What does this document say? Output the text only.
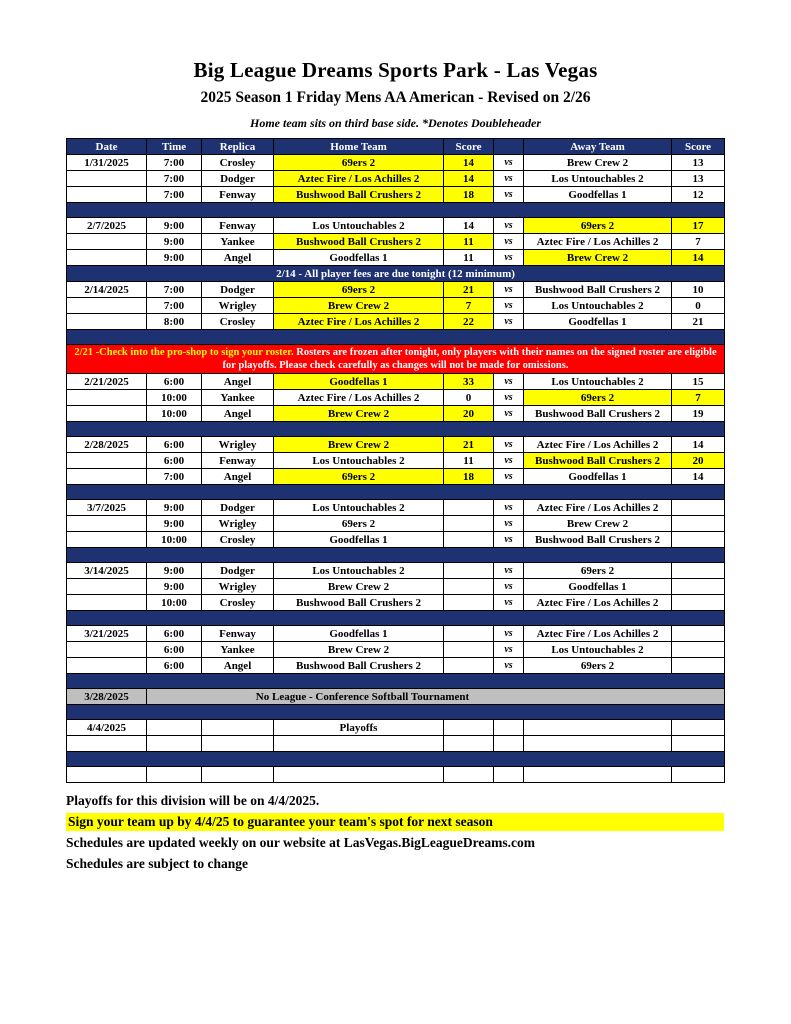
Big League Dreams Sports Park - Las Vegas
2025 Season 1 Friday Mens AA American - Revised on 2/26
Home team sits on third base side. *Denotes Doubleheader
Date	Time	Replica	Home Team	Score		Away Team	Score
1/31/2025	7:00	Crosley	69ers 2	14	vs	Brew Crew 2	13
	7:00	Dodger	Aztec Fire / Los Achilles 2	14	vs	Los Untouchables 2	13
	7:00	Fenway	Bushwood Ball Crushers 2	18	vs	Goodfellas 1	12

2/7/2025	9:00	Fenway	Los Untouchables 2	14	vs	69ers 2	17
	9:00	Yankee	Bushwood Ball Crushers 2	11	vs	Aztec Fire / Los Achilles 2	7
	9:00	Angel	Goodfellas 1	11	vs	Brew Crew 2	14
2/14 - All player fees are due tonight (12 minimum)							
2/14/2025	7:00	Dodger	69ers 2	21	vs	Bushwood Ball Crushers 2	10
	7:00	Wrigley	Brew Crew 2	7	vs	Los Untouchables 2	0
	8:00	Crosley	Aztec Fire / Los Achilles 2	22	vs	Goodfellas 1	21

2/21 -Check into the pro-shop to sign your roster. Rosters are frozen after tonight, only players with their names on the signed roster are eligible for playoffs. Please check carefully as changes will not be made for omissions.							
2/21/2025	6:00	Angel	Goodfellas 1	33	vs	Los Untouchables 2	15
	10:00	Yankee	Aztec Fire / Los Achilles 2	0	vs	69ers 2	7
	10:00	Angel	Brew Crew 2	20	vs	Bushwood Ball Crushers 2	19

2/28/2025	6:00	Wrigley	Brew Crew 2	21	vs	Aztec Fire / Los Achilles 2	14
	6:00	Fenway	Los Untouchables 2	11	vs	Bushwood Ball Crushers 2	20
	7:00	Angel	69ers 2	18	vs	Goodfellas 1	14

3/7/2025	9:00	Dodger	Los Untouchables 2		vs	Aztec Fire / Los Achilles 2	
	9:00	Wrigley	69ers 2		vs	Brew Crew 2	
	10:00	Crosley	Goodfellas 1		vs	Bushwood Ball Crushers 2	

3/14/2025	9:00	Dodger	Los Untouchables 2		vs	69ers 2	
	9:00	Wrigley	Brew Crew 2		vs	Goodfellas 1	
	10:00	Crosley	Bushwood Ball Crushers 2		vs	Aztec Fire / Los Achilles 2	

3/21/2025	6:00	Fenway	Goodfellas 1		vs	Aztec Fire / Los Achilles 2	
	6:00	Yankee	Brew Crew 2		vs	Los Untouchables 2	
	6:00	Angel	Bushwood Ball Crushers 2		vs	69ers 2	

3/28/2025		No League - Conference Softball Tournament					

4/4/2025			Playoffs				

Playoffs for this division will be on 4/4/2025.
Sign your team up by 4/4/25 to guarantee your team's spot for next season
Schedules are updated weekly on our website at LasVegas.BigLeagueDreams.com
Schedules are subject to change
